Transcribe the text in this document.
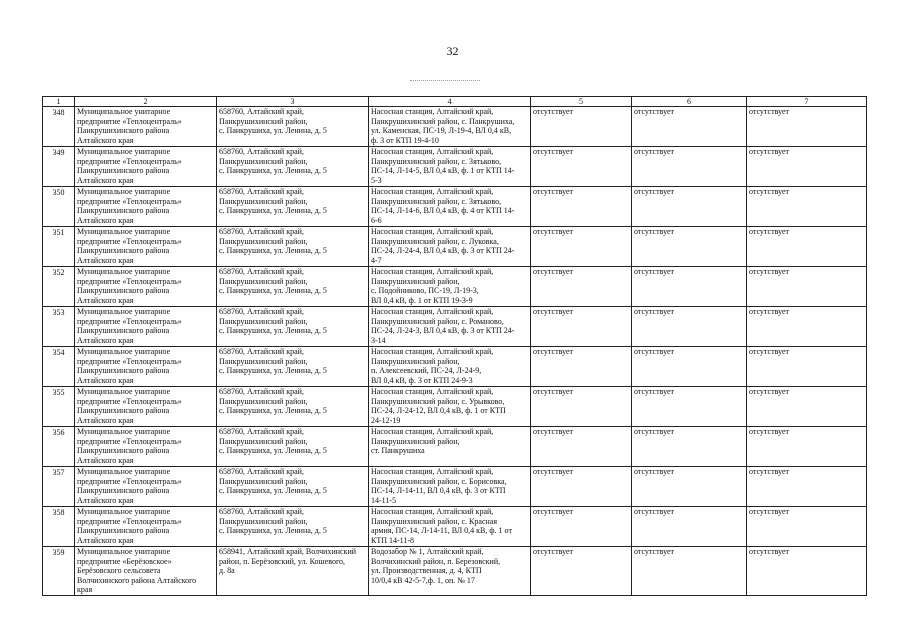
32
1	2	3	4	5	6	7

348	Муниципальное унитарное
предприятие «Теплоцентраль»
Панкрушихинского района
Алтайского края	658760, Алтайский край,
Панкрушихинский район,
с. Панкрушиха, ул. Ленина, д. 5	Насосная станция, Алтайский край,
Панкрушихинский район, с. Панкрушиха,
ул. Каменская, ПС-19, Л-19-4, ВЛ 0,4 кВ,
ф. 3 от КТП 19-4-10	отсутствует	отсутствует	отсутствует

349	Муниципальное унитарное
предприятие «Теплоцентраль»
Панкрушихинского района
Алтайского края	658760, Алтайский край,
Панкрушихинский район,
с. Панкрушиха, ул. Ленина, д. 5	Насосная станция, Алтайский край,
Панкрушихинский район, с. Зятьково,
ПС-14, Л-14-5, ВЛ 0,4 кВ, ф. 1 от КТП 14-
5-3	отсутствует	отсутствует	отсутствует

350	Муниципальное унитарное
предприятие «Теплоцентраль»
Панкрушихинского района
Алтайского края	658760, Алтайский край,
Панкрушихинский район,
с. Панкрушиха, ул. Ленина, д. 5	Насосная станция, Алтайский край,
Панкрушихинский район, с. Зятьково,
ПС-14, Л-14-6, ВЛ 0,4 кВ, ф. 4 от КТП 14-
6-6	отсутствует	отсутствует	отсутствует

351	Муниципальное унитарное
предприятие «Теплоцентраль»
Панкрушихинского района
Алтайского края	658760, Алтайский край,
Панкрушихинский район,
с. Панкрушиха, ул. Ленина, д. 5	Насосная станция, Алтайский край,
Панкрушихинский район, с. Луковка,
ПС-24, Л-24-4, ВЛ 0,4 кВ, ф. 3 от КТП 24-
4-7	отсутствует	отсутствует	отсутствует

352	Муниципальное унитарное
предприятие «Теплоцентраль»
Панкрушихинского района
Алтайского края	658760, Алтайский край,
Панкрушихинский район,
с. Панкрушиха, ул. Ленина, д. 5	Насосная станция, Алтайский край,
Панкрушихинский район,
с. Подойниково, ПС-19, Л-19-3,
ВЛ 0,4 кВ, ф. 1 от КТП 19-3-9	отсутствует	отсутствует	отсутствует

353	Муниципальное унитарное
предприятие «Теплоцентраль»
Панкрушихинского района
Алтайского края	658760, Алтайский край,
Панкрушихинский район,
с. Панкрушиха, ул. Ленина, д. 5	Насосная станция, Алтайский край,
Панкрушихинский район, с. Романово,
ПС-24, Л-24-3, ВЛ 0,4 кВ, ф. 3 от КТП 24-
3-14	отсутствует	отсутствует	отсутствует

354	Муниципальное унитарное
предприятие «Теплоцентраль»
Панкрушихинского района
Алтайского края	658760, Алтайский край,
Панкрушихинский район,
с. Панкрушиха, ул. Ленина, д. 5	Насосная станция, Алтайский край,
Панкрушихинский район,
п. Алексеевский, ПС-24, Л-24-9,
ВЛ 0,4 кВ, ф. 3 от КТП 24-9-3	отсутствует	отсутствует	отсутствует

355	Муниципальное унитарное
предприятие «Теплоцентраль»
Панкрушихинского района
Алтайского края	658760, Алтайский край,
Панкрушихинский район,
с. Панкрушиха, ул. Ленина, д. 5	Насосная станция, Алтайский край,
Панкрушихинский район, с. Урывково,
ПС-24, Л-24-12, ВЛ 0,4 кВ, ф. 1 от КТП
24-12-19	отсутствует	отсутствует	отсутствует

356	Муниципальное унитарное
предприятие «Теплоцентраль»
Панкрушихинского района
Алтайского края	658760, Алтайский край,
Панкрушихинский район,
с. Панкрушиха, ул. Ленина, д. 5	Насосная станция, Алтайский край,
Панкрушихинский район,
ст. Панкрушиха	отсутствует	отсутствует	отсутствует

357	Муниципальное унитарное
предприятие «Теплоцентраль»
Панкрушихинского района
Алтайского края	658760, Алтайский край,
Панкрушихинский район,
с. Панкрушиха, ул. Ленина, д. 5	Насосная станция, Алтайский край,
Панкрушихинский район, с. Борисовка,
ПС-14, Л-14-11, ВЛ 0,4 кВ, ф. 3 от КТП
14-11-5	отсутствует	отсутствует	отсутствует

358	Муниципальное унитарное
предприятие «Теплоцентраль»
Панкрушихинского района
Алтайского края	658760, Алтайский край,
Панкрушихинский район,
с. Панкрушиха, ул. Ленина, д. 5	Насосная станция, Алтайский край,
Панкрушихинский район, с. Красная
армия, ПС-14, Л-14-11, ВЛ 0,4 кВ, ф. 1 от
КТП 14-11-8	отсутствует	отсутствует	отсутствует

359	Муниципальное унитарное
предприятие «Берёзовское»
Берёзовского сельсовета
Волчихинского района Алтайского
края	658941, Алтайский край, Волчихинский
район, п. Берёзовский, ул. Кошевого,
д. 8а	Водозабор № 1, Алтайский край,
Волчихинский район, п. Березовский,
ул. Производственная, д. 4, КТП
10/0,4 кВ 42-5-7,ф. 1, оп. № 17	отсутствует	отсутствует	отсутствует
